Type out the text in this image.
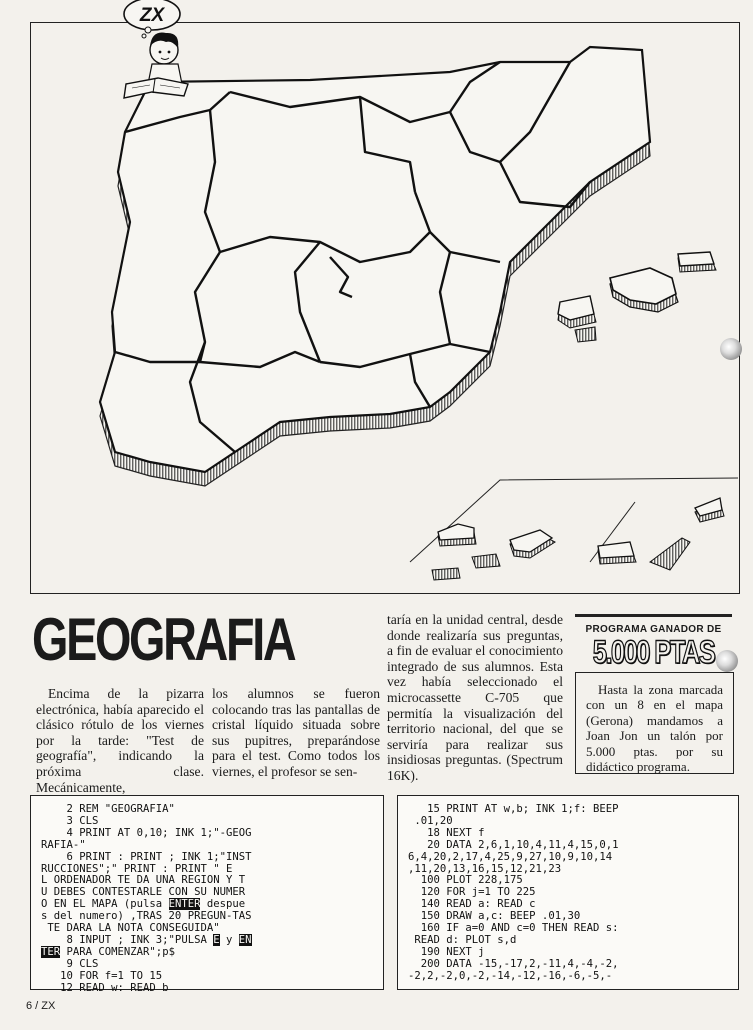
ZX
GEOGRAFIA
Encima de la pizarra electrónica, había aparecido el clásico rótulo de los viernes por la tarde: "Test de geografía", indicando la próxima clase. Mecánicamente,
los alumnos se fueron colocando tras las pantallas de cristal líquido situada sobre sus pupitres, preparándose para el test. Como todos los viernes, el profesor se sen-
taría en la unidad central, desde donde realizaría sus preguntas, a fin de evaluar el conocimiento integrado de sus alumnos. Esta vez había seleccionado el microcassette C-705 que permitía la visualización del territorio nacional, del que se serviría para realizar sus insidiosas preguntas. (Spectrum 16K).
PROGRAMA GANADOR DE
5.000 PTAS
Hasta la zona marcada con un 8 en el mapa (Gerona) mandamos a Joan Jon un talón por 5.000 ptas. por su didáctico programa.
2 REM "GEOGRAFIA"
3 CLS
4 PRINT AT 0,10; INK 1;"-GEOG
RAFIA-"
6 PRINT : PRINT ; INK 1;"INST
RUCCIONES";" PRINT : PRINT " E
L ORDENADOR TE DA UNA REGION Y T
U DEBES CONTESTARLE CON SU NUMER
O EN EL MAPA (pulsa ENTER despue
s del numero) ,TRAS 20 PREGUN-TAS
TE DARA LA NOTA CONSEGUIDA"
8 INPUT ; INK 3;"PULSA E y EN
TER PARA COMENZAR";p$
9 CLS
10 FOR f=1 TO 15
12 READ w: READ b
15 PRINT AT w,b; INK 1;f: BEEP
.01,20
18 NEXT f
20 DATA 2,6,1,10,4,11,4,15,0,1
6,4,20,2,17,4,25,9,27,10,9,10,14
,11,20,13,16,15,12,21,23
100 PLOT 228,175
120 FOR j=1 TO 225
140 READ a: READ c
150 DRAW a,c: BEEP .01,30
160 IF a=0 AND c=0 THEN READ s:
READ d: PLOT s,d
190 NEXT j
200 DATA -15,-17,2,-11,4,-4,-2,
-2,2,-2,0,-2,-14,-12,-16,-6,-5,-
6 / ZX
